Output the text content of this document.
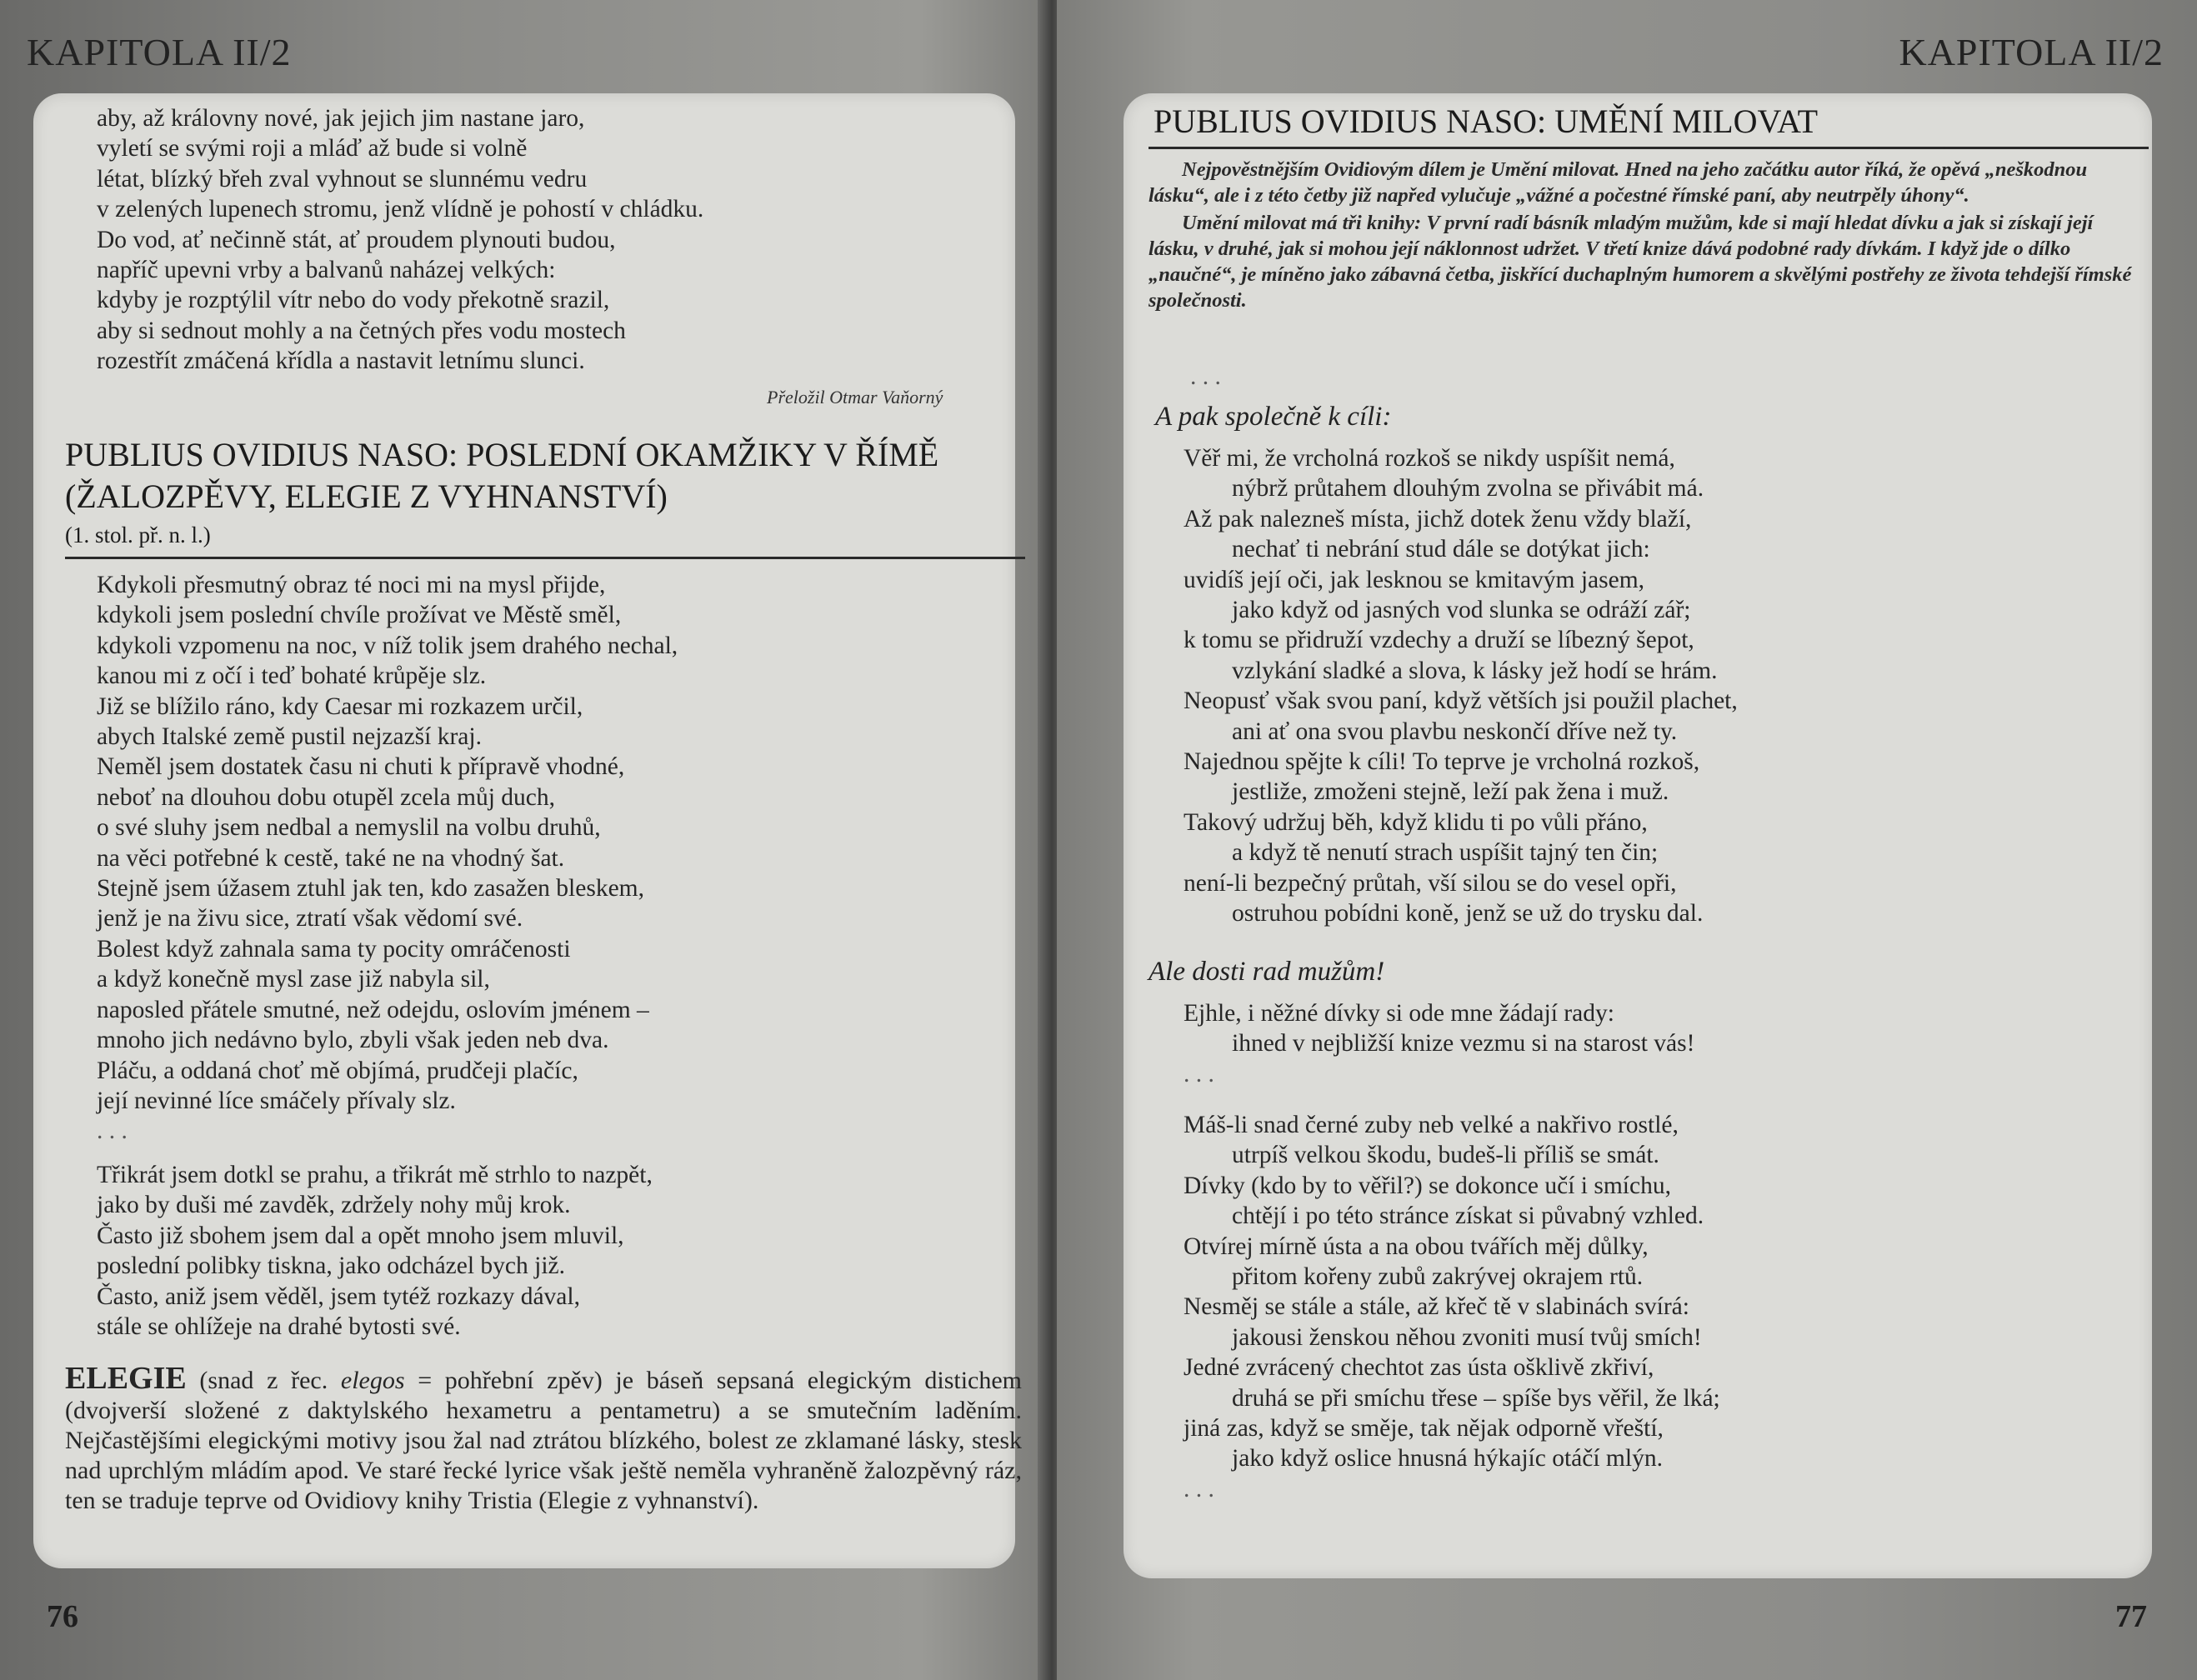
KAPITOLA II/2
aby, až královny nové, jak jejich jim nastane jaro,
vyletí se svými roji a mláď až bude si volně
létat, blízký břeh zval vyhnout se slunnému vedru
v zelených lupenech stromu, jenž vlídně je pohostí v chládku.
Do vod, ať nečinně stát, ať proudem plynouti budou,
napříč upevni vrby a balvanů naházej velkých:
kdyby je rozptýlil vítr nebo do vody překotně srazil,
aby si sednout mohly a na četných přes vodu mostech
rozestřít zmáčená křídla a nastavit letnímu slunci.
Přeložil Otmar Vaňorný
PUBLIUS OVIDIUS NASO: POSLEDNÍ OKAMŽIKY V ŘÍMĚ
(ŽALOZPĚVY, ELEGIE Z VYHNANSTVÍ)
(1. stol. př. n. l.)
Kdykoli přesmutný obraz té noci mi na mysl přijde,
kdykoli jsem poslední chvíle prožívat ve Městě směl,
kdykoli vzpomenu na noc, v níž tolik jsem drahého nechal,
kanou mi z očí i teď bohaté krůpěje slz.
Již se blížilo ráno, kdy Caesar mi rozkazem určil,
abych Italské země pustil nejzazší kraj.
Neměl jsem dostatek času ni chuti k přípravě vhodné,
neboť na dlouhou dobu otupěl zcela můj duch,
o své sluhy jsem nedbal a nemyslil na volbu druhů,
na věci potřebné k cestě, také ne na vhodný šat.
Stejně jsem úžasem ztuhl jak ten, kdo zasažen bleskem,
jenž je na živu sice, ztratí však vědomí své.
Bolest když zahnala sama ty pocity omráčenosti
a když konečně mysl zase již nabyla sil,
naposled přátele smutné, než odejdu, oslovím jménem –
mnoho jich nedávno bylo, zbyli však jeden neb dva.
Pláču, a oddaná choť mě objímá, prudčeji plačíc,
její nevinné líce smáčely přívaly slz.
. . .
Třikrát jsem dotkl se prahu, a třikrát mě strhlo to nazpět,
jako by duši mé zavděk, zdržely nohy můj krok.
Často již sbohem jsem dal a opět mnoho jsem mluvil,
poslední polibky tiskna, jako odcházel bych již.
Často, aniž jsem věděl, jsem tytéž rozkazy dával,
stále se ohlížeje na drahé bytosti své.
ELEGIE (snad z řec. elegos = pohřební zpěv) je báseň sepsaná elegickým distichem (dvojverší složené z daktylského hexametru a pentametru) a se smutečním laděním. Nejčastějšími elegickými motivy jsou žal nad ztrátou blízkého, bolest ze zklamané lásky, stesk nad uprchlým mládím apod. Ve staré řecké lyrice však ještě neměla vyhraněně žalozpěvný ráz, ten se traduje teprve od Ovidiovy knihy Tristia (Elegie z vyhnanství).
76
KAPITOLA II/2
PUBLIUS OVIDIUS NASO: UMĚNÍ MILOVAT

Nejpověstnějším Ovidiovým dílem je Umění milovat. Hned na jeho začátku autor říká, že opěvá „neškodnou lásku“, ale i z této četby již napřed vylučuje „vážné a počestné římské paní, aby neutrpěly úhony“.

Umění milovat má tři knihy: V první radí básník mladým mužům, kde si mají hledat dívku a jak si získají její lásku, v druhé, jak si mohou její náklonnost udržet. V třetí knize dává podobné rady dívkám. I když jde o dílko „naučné“, je míněno jako zábavná četba, jiskřící duchaplným humorem a skvělými postřehy ze života tehdejší římské společnosti.

. . .
A pak společně k cíli:
Věř mi, že vrcholná rozkoš se nikdy uspíšit nemá,
nýbrž průtahem dlouhým zvolna se přivábit má.
Až pak nalezneš místa, jichž dotek ženu vždy blaží,
nechať ti nebrání stud dále se dotýkat jich:
uvidíš její oči, jak lesknou se kmitavým jasem,
jako když od jasných vod slunka se odráží zář;
k tomu se přidruží vzdechy a druží se líbezný šepot,
vzlykání sladké a slova, k lásky jež hodí se hrám.
Neopusť však svou paní, když větších jsi použil plachet,
ani ať ona svou plavbu neskončí dříve než ty.
Najednou spějte k cíli! To teprve je vrcholná rozkoš,
jestliže, zmoženi stejně, leží pak žena i muž.
Takový udržuj běh, když klidu ti po vůli přáno,
a když tě nenutí strach uspíšit tajný ten čin;
není-li bezpečný průtah, vší silou se do vesel opři,
ostruhou pobídni koně, jenž se už do trysku dal.
Ale dosti rad mužům!
Ejhle, i něžné dívky si ode mne žádají rady:
ihned v nejbližší knize vezmu si na starost vás!
. . .
Máš-li snad černé zuby neb velké a nakřivo rostlé,
utrpíš velkou škodu, budeš-li příliš se smát.
Dívky (kdo by to věřil?) se dokonce učí i smíchu,
chtějí i po této stránce získat si půvabný vzhled.
Otvírej mírně ústa a na obou tvářích měj důlky,
přitom kořeny zubů zakrývej okrajem rtů.
Nesměj se stále a stále, až křeč tě v slabinách svírá:
jakousi ženskou něhou zvoniti musí tvůj smích!
Jedné zvrácený chechtot zas ústa ošklivě zkřiví,
druhá se při smíchu třese – spíše bys věřil, že lká;
jiná zas, když se směje, tak nějak odporně vřeští,
jako když oslice hnusná hýkajíc otáčí mlýn.
. . .
77
